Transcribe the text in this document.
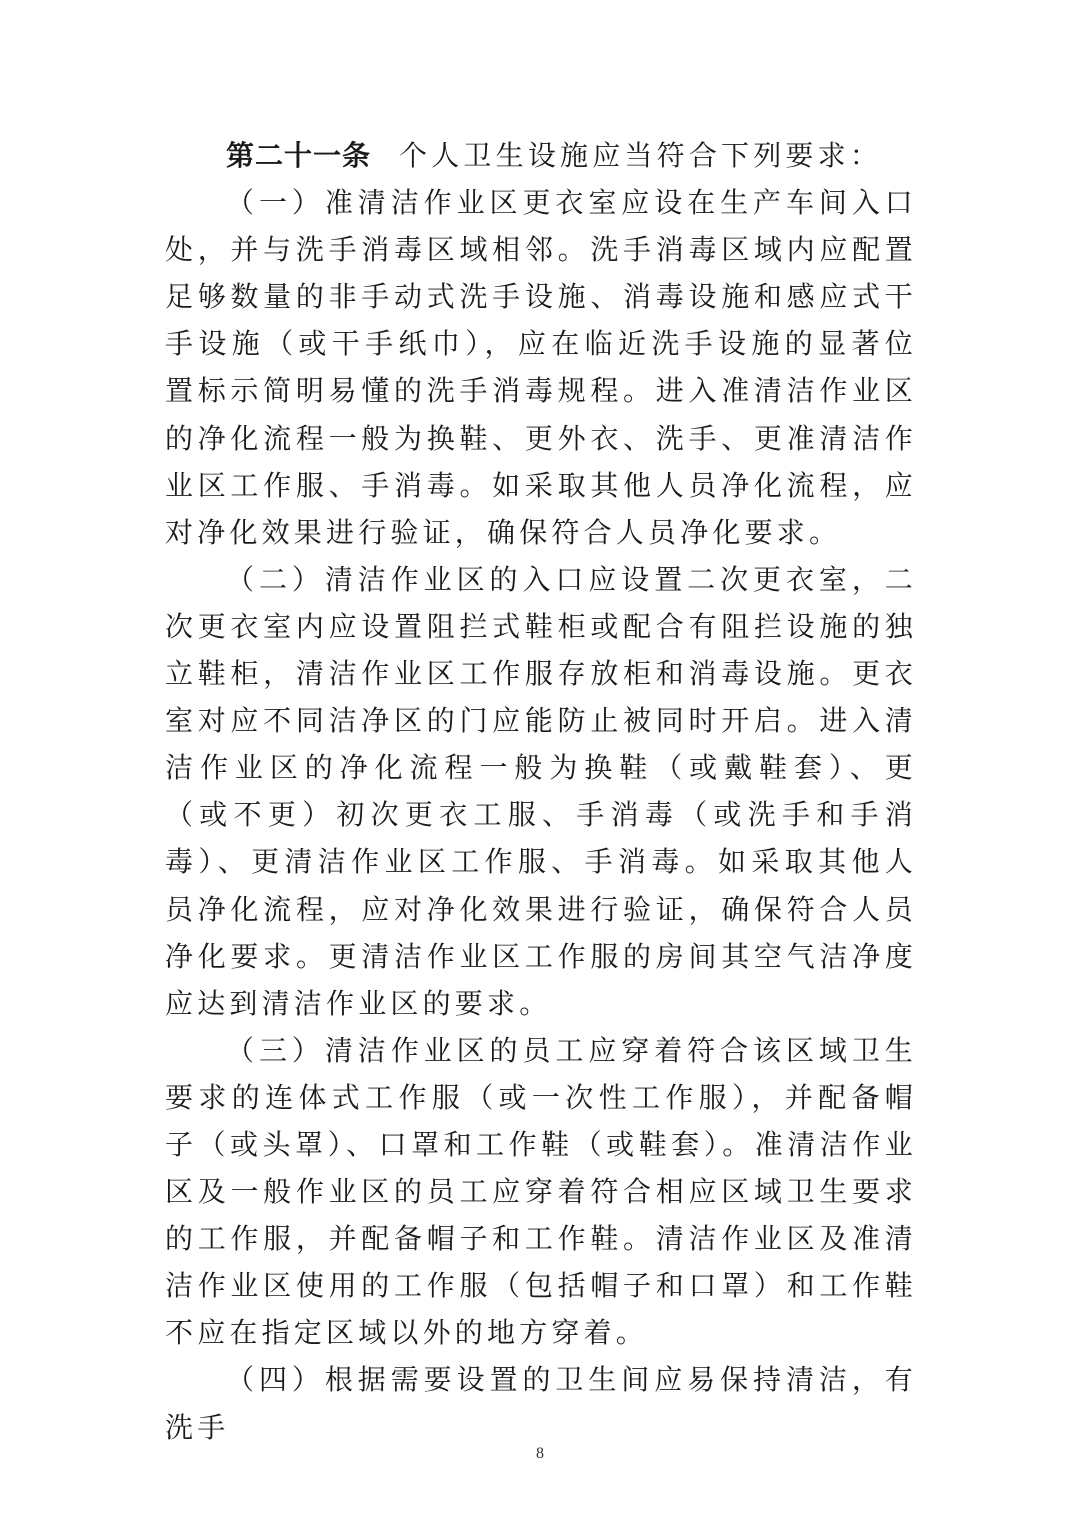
第二十一条 个人卫生设施应当符合下列要求：

（一）准清洁作业区更衣室应设在生产车间入口处，并与洗手消毒区域相邻。洗手消毒区域内应配置足够数量的非手动式洗手设施、消毒设施和感应式干手设施（或干手纸巾），应在临近洗手设施的显著位置标示简明易懂的洗手消毒规程。进入准清洁作业区的净化流程一般为换鞋、更外衣、洗手、更准清洁作业区工作服、手消毒。如采取其他人员净化流程，应对净化效果进行验证，确保符合人员净化要求。

（二）清洁作业区的入口应设置二次更衣室，二次更衣室内应设置阻拦式鞋柜或配合有阻拦设施的独立鞋柜，清洁作业区工作服存放柜和消毒设施。更衣室对应不同洁净区的门应能防止被同时开启。进入清洁作业区的净化流程一般为换鞋（或戴鞋套）、更（或不更）初次更衣工服、手消毒（或洗手和手消毒）、更清洁作业区工作服、手消毒。如采取其他人员净化流程，应对净化效果进行验证，确保符合人员净化要求。更清洁作业区工作服的房间其空气洁净度应达到清洁作业区的要求。

（三）清洁作业区的员工应穿着符合该区域卫生要求的连体式工作服（或一次性工作服），并配备帽子（或头罩）、口罩和工作鞋（或鞋套）。准清洁作业区及一般作业区的员工应穿着符合相应区域卫生要求的工作服，并配备帽子和工作鞋。清洁作业区及准清洁作业区使用的工作服（包括帽子和口罩）和工作鞋不应在指定区域以外的地方穿着。

（四）根据需要设置的卫生间应易保持清洁，有洗手

8
